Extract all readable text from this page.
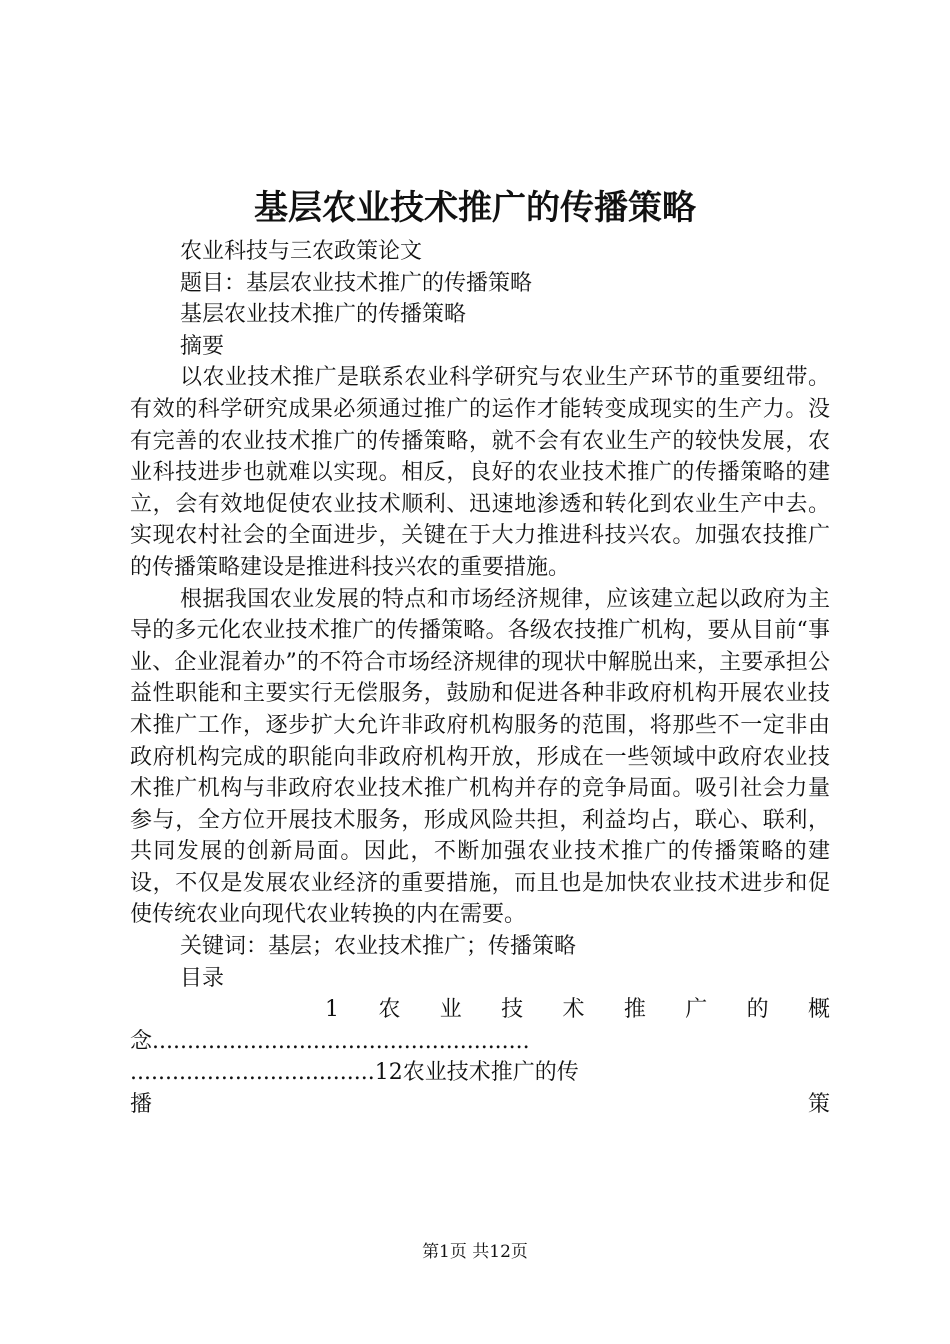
基层农业技术推广的传播策略

农业科技与三农政策论文

题目：基层农业技术推广的传播策略

基层农业技术推广的传播策略

摘要

以农业技术推广是联系农业科学研究与农业生产环节的重要纽带。有效的科学研究成果必须通过推广的运作才能转变成现实的生产力。没有完善的农业技术推广的传播策略，就不会有农业生产的较快发展，农业科技进步也就难以实现。相反，良好的农业技术推广的传播策略的建立，会有效地促使农业技术顺利、迅速地渗透和转化到农业生产中去。实现农村社会的全面进步，关键在于大力推进科技兴农。加强农技推广的传播策略建设是推进科技兴农的重要措施。

根据我国农业发展的特点和市场经济规律，应该建立起以政府为主导的多元化农业技术推广的传播策略。各级农技推广机构，要从目前“事业、企业混着办”的不符合市场经济规律的现状中解脱出来，主要承担公益性职能和主要实行无偿服务，鼓励和促进各种非政府机构开展农业技术推广工作，逐步扩大允许非政府机构服务的范围，将那些不一定非由政府机构完成的职能向非政府机构开放，形成在一些领域中政府农业技术推广机构与非政府农业技术推广机构并存的竞争局面。吸引社会力量参与，全方位开展技术服务，形成风险共担，利益均占，联心、联利，共同发展的创新局面。因此，不断加强农业技术推广的传播策略的建设，不仅是发展农业经济的重要措施，而且也是加快农业技术进步和促使传统农业向现代农业转换的内在需要。

关键词：基层；农业技术推广；传播策略

目录

1 农 业 技 术 推 广 的 概
念......................................................
...................................12农业技术推广的传
播	策
第1页 共12页
